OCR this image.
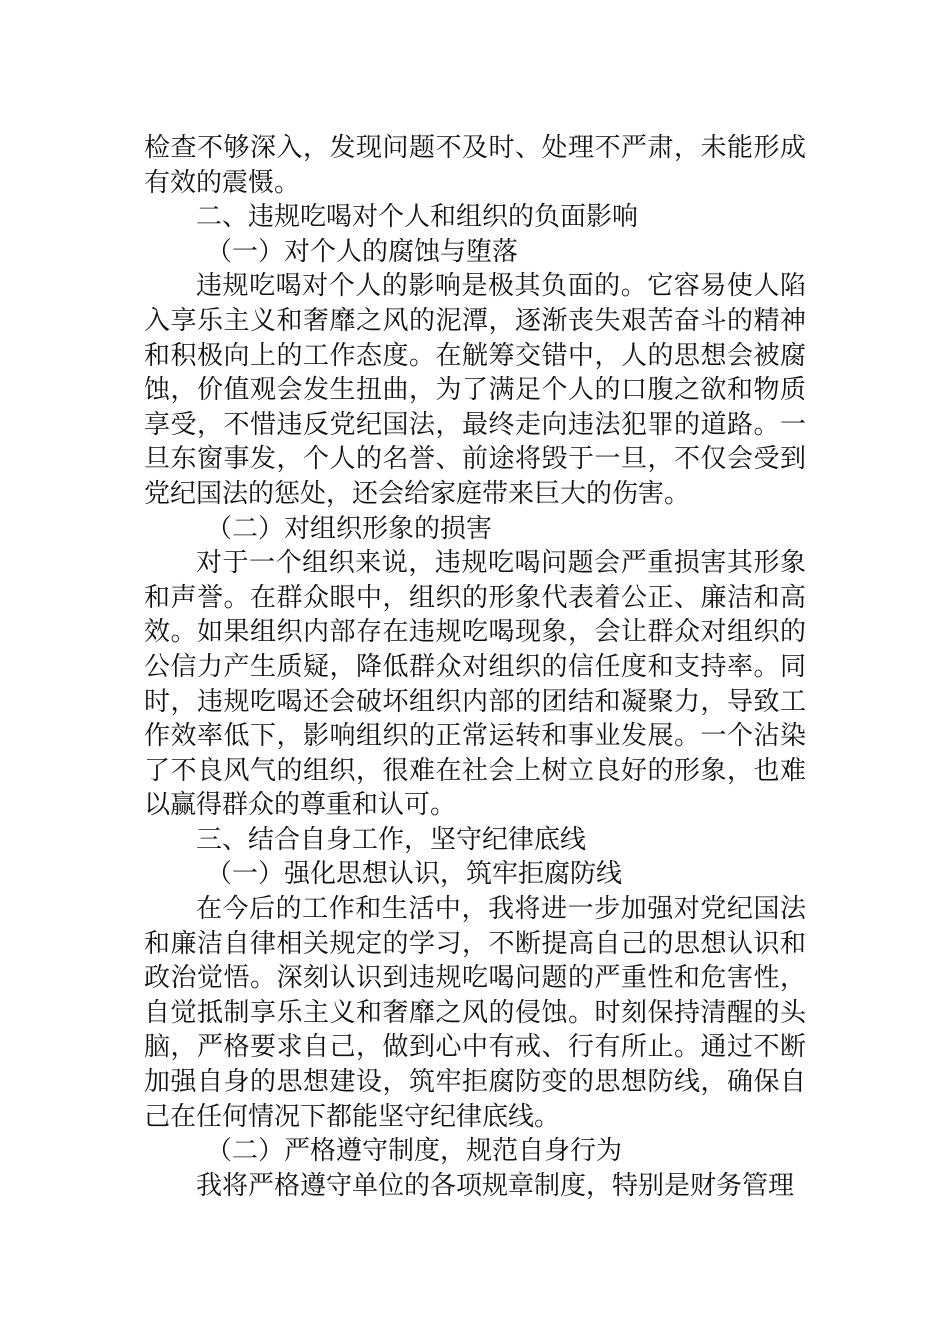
检查不够深入，发现问题不及时、处理不严肃，未能形成有效的震慑。

二、违规吃喝对个人和组织的负面影响

（一）对个人的腐蚀与堕落

违规吃喝对个人的影响是极其负面的。它容易使人陷入享乐主义和奢靡之风的泥潭，逐渐丧失艰苦奋斗的精神和积极向上的工作态度。在觥筹交错中，人的思想会被腐蚀，价值观会发生扭曲，为了满足个人的口腹之欲和物质享受，不惜违反党纪国法，最终走向违法犯罪的道路。一旦东窗事发，个人的名誉、前途将毁于一旦，不仅会受到党纪国法的惩处，还会给家庭带来巨大的伤害。

（二）对组织形象的损害

对于一个组织来说，违规吃喝问题会严重损害其形象和声誉。在群众眼中，组织的形象代表着公正、廉洁和高效。如果组织内部存在违规吃喝现象，会让群众对组织的公信力产生质疑，降低群众对组织的信任度和支持率。同时，违规吃喝还会破坏组织内部的团结和凝聚力，导致工作效率低下，影响组织的正常运转和事业发展。一个沾染了不良风气的组织，很难在社会上树立良好的形象，也难以赢得群众的尊重和认可。

三、结合自身工作，坚守纪律底线

（一）强化思想认识，筑牢拒腐防线

在今后的工作和生活中，我将进一步加强对党纪国法和廉洁自律相关规定的学习，不断提高自己的思想认识和政治觉悟。深刻认识到违规吃喝问题的严重性和危害性，自觉抵制享乐主义和奢靡之风的侵蚀。时刻保持清醒的头脑，严格要求自己，做到心中有戒、行有所止。通过不断加强自身的思想建设，筑牢拒腐防变的思想防线，确保自己在任何情况下都能坚守纪律底线。

（二）严格遵守制度，规范自身行为

我将严格遵守单位的各项规章制度，特别是财务管理
